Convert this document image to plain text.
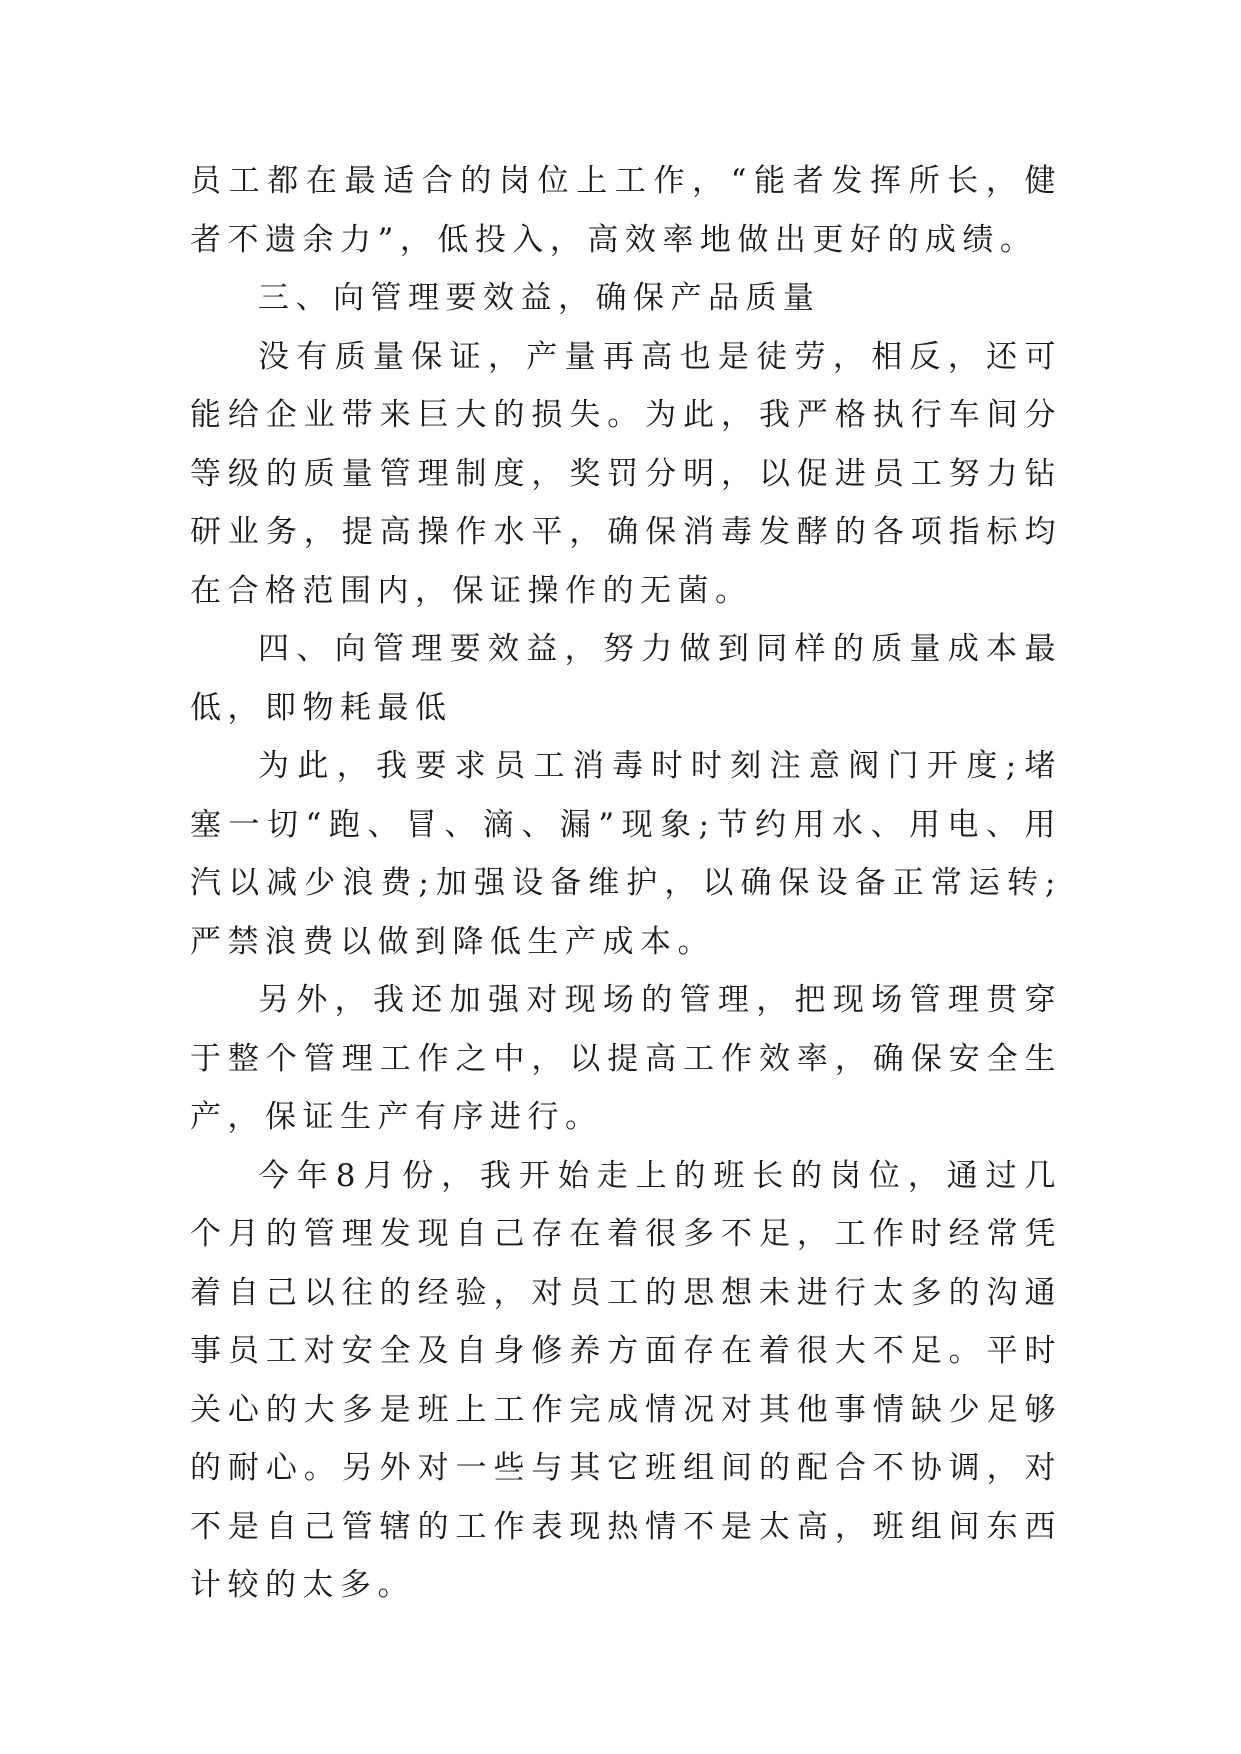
员工都在最适合的岗位上工作，“能者发挥所长，健者不遗余力”，低投入，高效率地做出更好的成绩。

三、向管理要效益，确保产品质量

没有质量保证，产量再高也是徒劳，相反，还可能给企业带来巨大的损失。为此，我严格执行车间分等级的质量管理制度，奖罚分明，以促进员工努力钻研业务，提高操作水平，确保消毒发酵的各项指标均在合格范围内，保证操作的无菌。

四、向管理要效益，努力做到同样的质量成本最低，即物耗最低

为此，我要求员工消毒时时刻注意阀门开度;堵塞一切“跑、冒、滴、漏”现象;节约用水、用电、用汽以减少浪费;加强设备维护，以确保设备正常运转;严禁浪费以做到降低生产成本。

另外，我还加强对现场的管理，把现场管理贯穿于整个管理工作之中，以提高工作效率，确保安全生产，保证生产有序进行。

今年8月份，我开始走上的班长的岗位，通过几个月的管理发现自己存在着很多不足，工作时经常凭着自己以往的经验，对员工的思想未进行太多的沟通事员工对安全及自身修养方面存在着很大不足。平时关心的大多是班上工作完成情况对其他事情缺少足够的耐心。另外对一些与其它班组间的配合不协调，对不是自己管辖的工作表现热情不是太高，班组间东西计较的太多。
